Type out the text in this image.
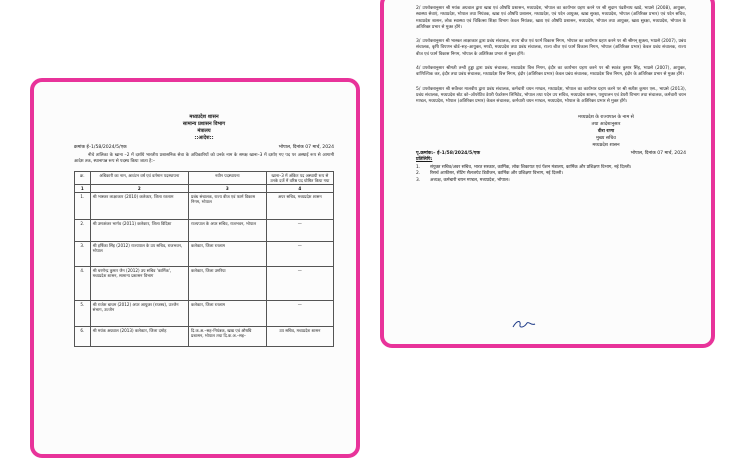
मध्यप्रदेश शासन
सामान्य प्रशासन विभाग
मंत्रालय
::आदेश::
क्रमांक ई–1/58/2024/5/एक	भोपाल, दिनांक 07 मार्च, 2024
नीचे तालिका के खाना –2 में दर्शाये भारतीय प्रशासनिक सेवा के अधिकारियों को उनके नाम के समक्ष खाना–3 में दर्शाए गए पद पर अस्थाई रूप से आगामी आदेश तक, स्थानापन्न रूप से पदस्थ किया जाता है:–
क्र.	अधिकारी का नाम, आवंटन वर्ष एवं वर्तमान पदस्थापना	नवीन पदस्थापना	खाना–3 में अंकित पद अस्थायी रूप से उनके दर्जे में वरिष्ठ पद घोषित किया गया
1	2	3	4
1.	श्री भास्कर लाक्षाकार (2010) कलेक्टर, जिला रतलाम	प्रबंध संचालक, राज्य बीज एवं फार्म विकास निगम, भोपाल	अपर सचिव, मध्यप्रदेश शासन
2.	श्री उमाशंकर भार्गव (2011) कलेक्टर, जिला विदिशा	राज्यपाल के अपर सचिव, राजभवन, भोपाल	—
3.	श्री हर्षिका सिंह (2012) राज्यपाल के उप सचिव, राजभवन, भोपाल	कलेक्टर, जिला रतलाम	—
4.	श्री धरणेन्द्र कुमार जैन (2012) उप सचिव 'कार्मिक', मध्यप्रदेश शासन, सामान्य प्रशासन विभाग	कलेक्टर, जिला उमरिया	—
5.	श्री राजेश बाथम (2012) अपर आयुक्त (राजस्व), उज्जैन संभाग, उज्जैन	कलेक्टर, जिला रतलाम	—
6.	श्री मयंक अग्रवाल (2013) कलेक्टर, जिला दमोह	दि.क.अ.–सह–नियंत्रक, खाद्य एवं औषधि प्रशासन, भोपाल तथा दि.क.अ.–सह–	उप सचिव, मध्यप्रदेश शासन
2/ उपरोक्तानुसार श्री मयंक अग्रवाल द्वारा खाद्य एवं औषधि प्रशासन, मध्यप्रदेश, भोपाल का कार्यभार ग्रहण करने पर श्री सुदाम पंढरीनाथ खाडे, भाप्रसे (2008), आयुक्त, स्वास्थ्य सेवाएं, मध्यप्रदेश, भोपाल तथा नियंत्रक, खाद्य एवं औषधि प्रशासन, मध्यप्रदेश, एवं पदेन आयुक्त, खाद्य सुरक्षा, मध्यप्रदेश, भोपाल (अतिरिक्त प्रभार) एवं पदेन सचिव, मध्यप्रदेश शासन, लोक स्वास्थ्य एवं चिकित्सा शिक्षा विभाग केवल नियंत्रक, खाद्य एवं औषधि प्रशासन, मध्यप्रदेश, भोपाल तथा आयुक्त, खाद्य सुरक्षा, मध्यप्रदेश, भोपाल के अतिरिक्त प्रभार से मुक्त होंगे।
3/ उपरोक्तानुसार श्री भास्कर लाक्षाकार द्वारा प्रबंध संचालक, राज्य बीज एवं फार्म विकास निगम, भोपाल का कार्यभार ग्रहण करने पर श्री श्रीमन् शुक्ला, भाप्रसे (2007), प्रबंध संचालक, कृषि विपणन बोर्ड–सह–आयुक्त, मण्डी, मध्यप्रदेश तथा प्रबंध संचालक, राज्य बीज एवं फार्म विकास निगम, भोपाल (अतिरिक्त प्रभार) केवल प्रबंध संचालक, राज्य बीज एवं फार्म विकास निगम, भोपाल के अतिरिक्त प्रभार से मुक्त होंगे।
4/ उपरोक्तानुसार श्रीमती तन्वी हुड्डा द्वारा प्रबंध संचालक, मध्यप्रदेश वित्त निगम, इंदौर का कार्यभार ग्रहण करने पर श्री स्वतंत्र कुमार सिंह, भाप्रसे (2007), आयुक्त, वाणिज्यिक कर, इंदौर तथा प्रबंध संचालक, मध्यप्रदेश वित्त निगम, इंदौर (अतिरिक्त प्रभार) केवल प्रबंध संचालक, मध्यप्रदेश वित्त निगम, इंदौर के अतिरिक्त प्रभार से मुक्त होंगे।
5/ उपरोक्तानुसार श्री सर्वेश्वर मालवीय द्वारा प्रबंध संचालक, कर्मचारी चयन मण्डल, मध्यप्रदेश, भोपाल का कार्यभार ग्रहण करने पर श्री सतीश कुमार एस., भाप्रसे (2013), प्रबंध संचालक, मध्यप्रदेश स्टेट को–ऑपरेटिव डेयरी फेडरेशन लिमिटेड, भोपाल तथा पदेन उप सचिव, मध्यप्रदेश शासन, पशुपालन एवं डेयरी विभाग तथा संचालक, कर्मचारी चयन मण्डल, मध्यप्रदेश, भोपाल (अतिरिक्त प्रभार) केवल संचालक, कर्मचारी चयन मण्डल, मध्यप्रदेश, भोपाल के अतिरिक्त प्रभार से मुक्त होंगे।
मध्यप्रदेश के राज्यपाल के नाम से
तथा आदेशानुसार
वीरा राणा
मुख्य सचिव
मध्यप्रदेश शासन
पृ.क्रमांक:– ई–1/58/2024/5/एक	भोपाल, दिनांक 07 मार्च, 2024
प्रतिलिपि:
1.	संयुक्त सचिव/अवर सचिव, भारत सरकार, कार्मिक, लोक शिकायत एवं पेंशन मंत्रालय, कार्मिक और प्रशिक्षण विभाग, नई दिल्ली।
2.	रिसर्च आफीसर, सेंटिंग सैलजयेट डिवीजन, कार्मिक और प्रशिक्षण विभाग, नई दिल्ली।
3.	अध्यक्ष, कर्मचारी चयन मण्डल, मध्यप्रदेश, भोपाल।
